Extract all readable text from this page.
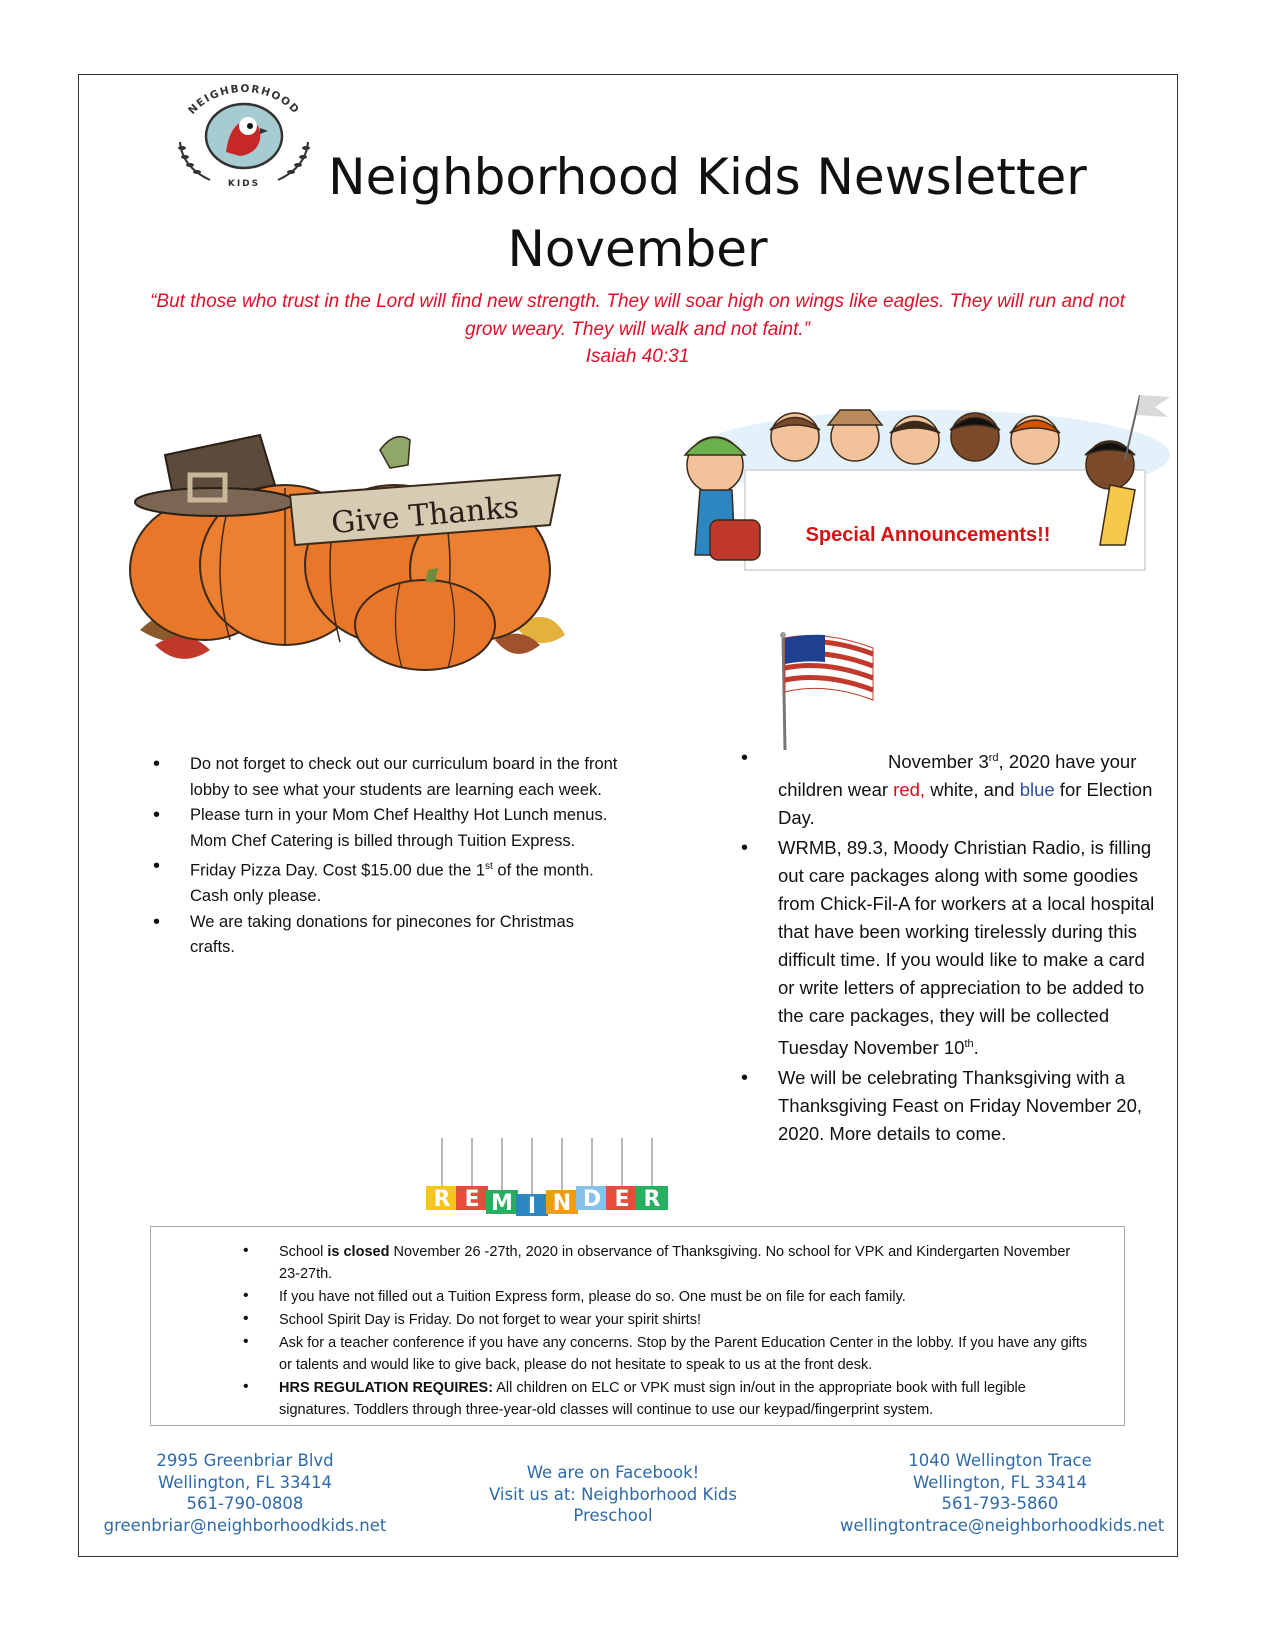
NEIGHBORHOOD
KIDS	Neighborhood Kids Newsletter
November
“But those who trust in the Lord will find new strength. They will soar high on wings like eagles. They will run and not grow weary. They will walk and not faint.”
Isaiah 40:31
Give Thanks	Special Announcements!!
• Do not forget to check out our curriculum board in the front lobby to see what your students are learning each week.
• Please turn in your Mom Chef Healthy Hot Lunch menus. Mom Chef Catering is billed through Tuition Express.
• Friday Pizza Day. Cost $15.00 due the 1st of the month. Cash only please.
• We are taking donations for pinecones for Christmas crafts.
• November 3rd, 2020 have your children wear red, white, and blue for Election Day.
• WRMB, 89.3, Moody Christian Radio, is filling out care packages along with some goodies from Chick-Fil-A for workers at a local hospital that have been working tirelessly during this difficult time. If you would like to make a card or write letters of appreciation to be added to the care packages, they will be collected Tuesday November 10th.
• We will be celebrating Thanksgiving with a Thanksgiving Feast on Friday November 20, 2020. More details to come.
R E M I N D E R
• School is closed November 26 -27th, 2020 in observance of Thanksgiving. No school for VPK and Kindergarten November 23-27th.
• If you have not filled out a Tuition Express form, please do so. One must be on file for each family.
• School Spirit Day is Friday. Do not forget to wear your spirit shirts!
• Ask for a teacher conference if you have any concerns. Stop by the Parent Education Center in the lobby. If you have any gifts or talents and would like to give back, please do not hesitate to speak to us at the front desk.
• HRS REGULATION REQUIRES: All children on ELC or VPK must sign in/out in the appropriate book with full legible signatures. Toddlers through three-year-old classes will continue to use our keypad/fingerprint system.
2995 Greenbriar Blvd
Wellington, FL 33414
561-790-0808
greenbriar@neighborhoodkids.net
We are on Facebook!
Visit us at: Neighborhood Kids
Preschool
1040 Wellington Trace
Wellington, FL 33414
561-793-5860
wellingtontrace@neighborhoodkids.net
